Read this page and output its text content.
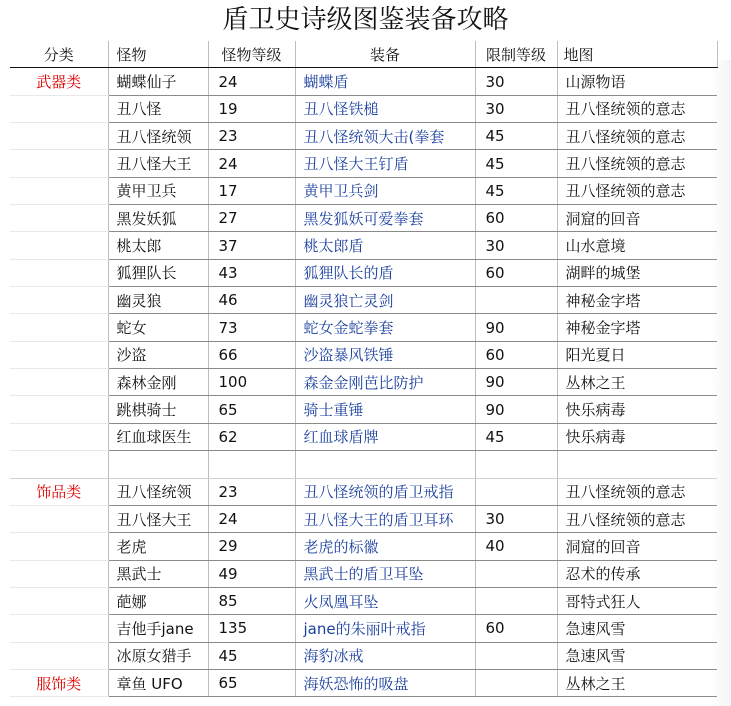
盾卫史诗级图鉴装备攻略
分类	怪物	怪物等级	装备	限制等级	地图
武器类	蝴蝶仙子	24	蝴蝶盾	30	山源物语
	丑八怪	19	丑八怪铁槌	30	丑八怪统领的意志
	丑八怪统领	23	丑八怪统领大击(拳套	45	丑八怪统领的意志
	丑八怪大王	24	丑八怪大王钉盾	45	丑八怪统领的意志
	黄甲卫兵	17	黄甲卫兵剑	45	丑八怪统领的意志
	黑发妖狐	27	黑发狐妖可爱拳套	60	洞窟的回音
	桃太郎	37	桃太郎盾	30	山水意境
	狐狸队长	43	狐狸队长的盾	60	湖畔的城堡
	幽灵狼	46	幽灵狼亡灵剑		神秘金字塔
	蛇女	73	蛇女金蛇拳套	90	神秘金字塔
	沙盗	66	沙盗暴风铁锤	60	阳光夏日
	森林金刚	100	森金金刚芭比防护	90	丛林之王
	跳棋骑士	65	骑士重锤	90	快乐病毒
	红血球医生	62	红血球盾牌	45	快乐病毒

饰品类	丑八怪统领	23	丑八怪统领的盾卫戒指		丑八怪统领的意志
	丑八怪大王	24	丑八怪大王的盾卫耳环	30	丑八怪统领的意志
	老虎	29	老虎的标徽	40	洞窟的回音
	黑武士	49	黑武士的盾卫耳坠		忍术的传承
	葩娜	85	火凤凰耳坠		哥特式狂人
	吉他手jane	135	jane的朱丽叶戒指	60	急速风雪
	冰原女猎手	45	海豹冰戒		急速风雪
服饰类	章鱼 UFO	65	海妖恐怖的吸盘		丛林之王
